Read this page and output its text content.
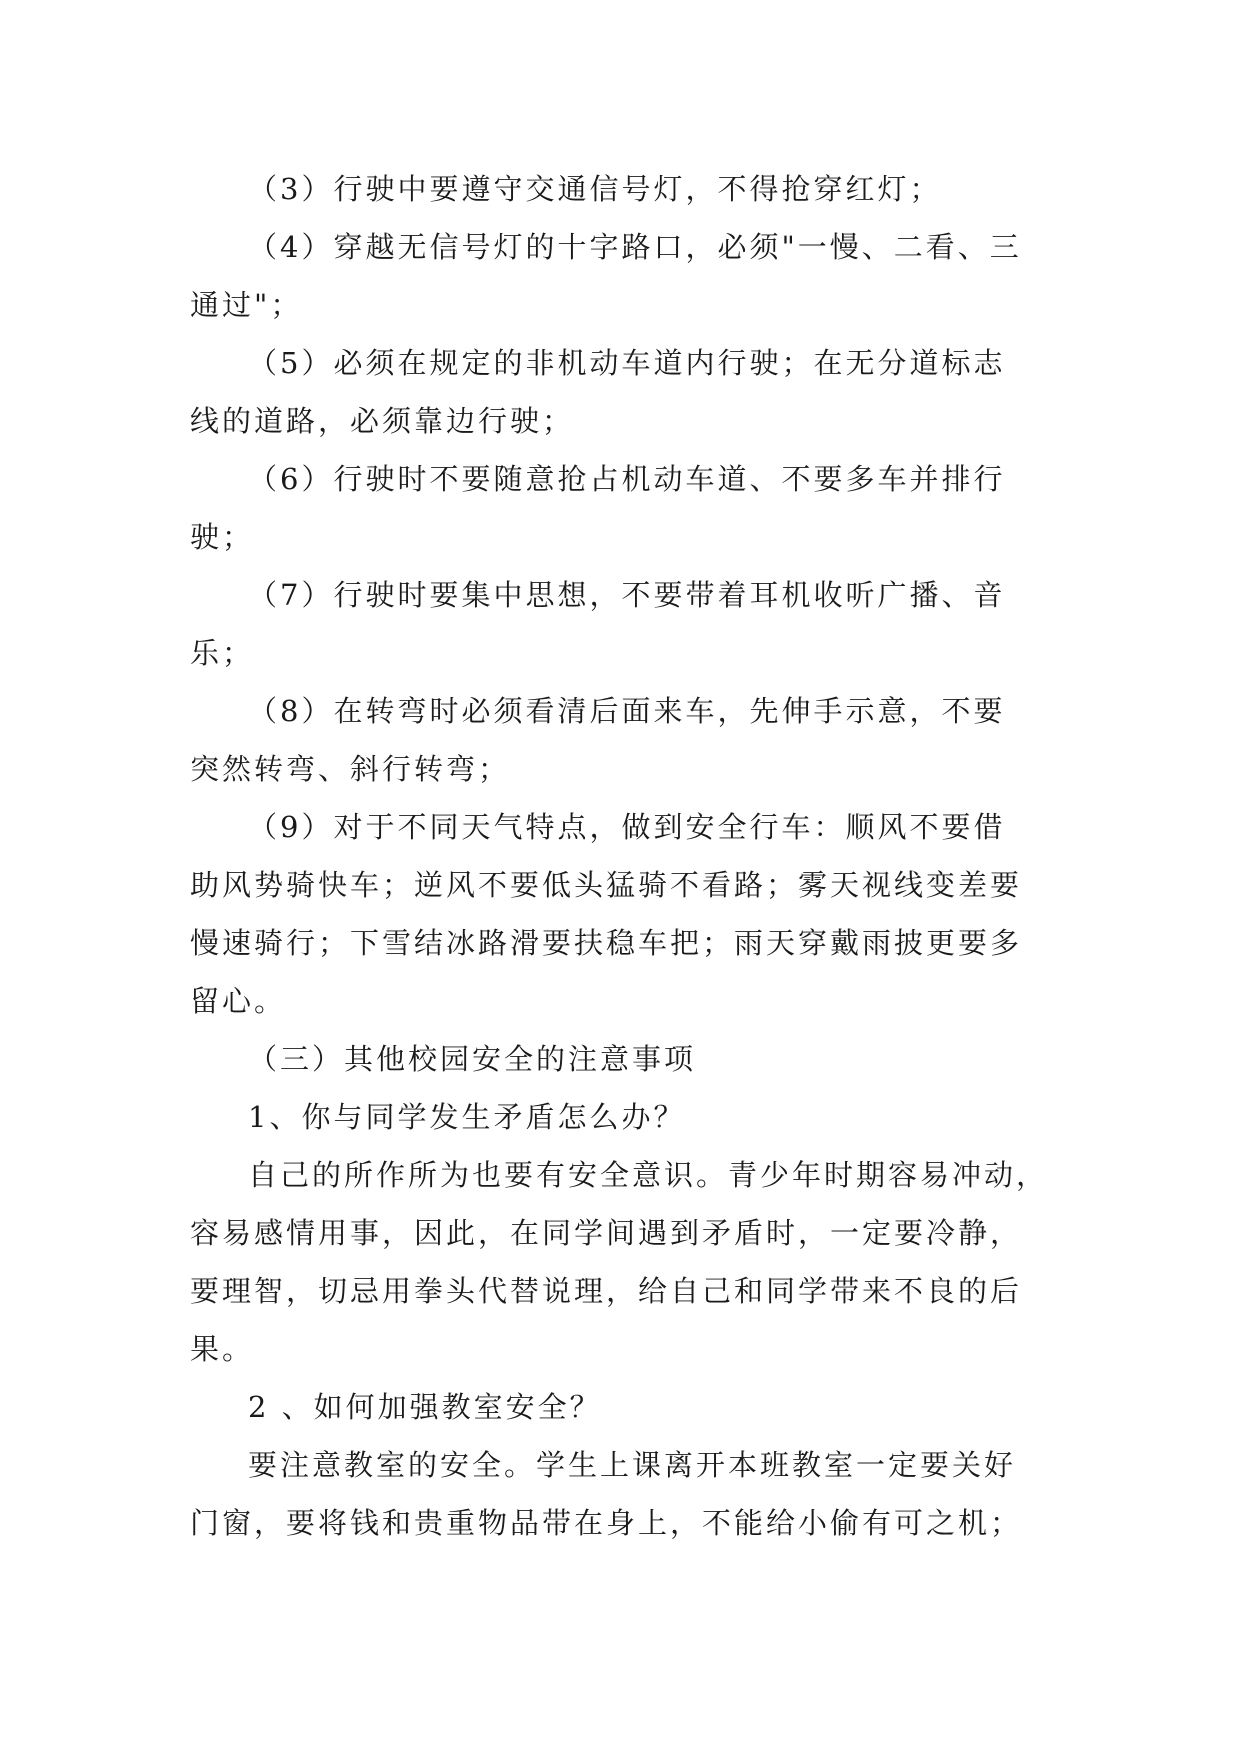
（3）行驶中要遵守交通信号灯，不得抢穿红灯；
（4）穿越无信号灯的十字路口，必须"一慢、二看、三
通过"；
（5）必须在规定的非机动车道内行驶；在无分道标志
线的道路，必须靠边行驶；
（6）行驶时不要随意抢占机动车道、不要多车并排行
驶；
（7）行驶时要集中思想，不要带着耳机收听广播、音
乐；
（8）在转弯时必须看清后面来车，先伸手示意，不要
突然转弯、斜行转弯；
（9）对于不同天气特点，做到安全行车：顺风不要借
助风势骑快车；逆风不要低头猛骑不看路；雾天视线变差要
慢速骑行；下雪结冰路滑要扶稳车把；雨天穿戴雨披更要多
留心。
（三）其他校园安全的注意事项
1、你与同学发生矛盾怎么办？
自己的所作所为也要有安全意识。青少年时期容易冲动，
容易感情用事，因此，在同学间遇到矛盾时，一定要冷静，
要理智，切忌用拳头代替说理，给自己和同学带来不良的后
果。
2 、如何加强教室安全？
要注意教室的安全。学生上课离开本班教室一定要关好
门窗，要将钱和贵重物品带在身上，不能给小偷有可之机；
